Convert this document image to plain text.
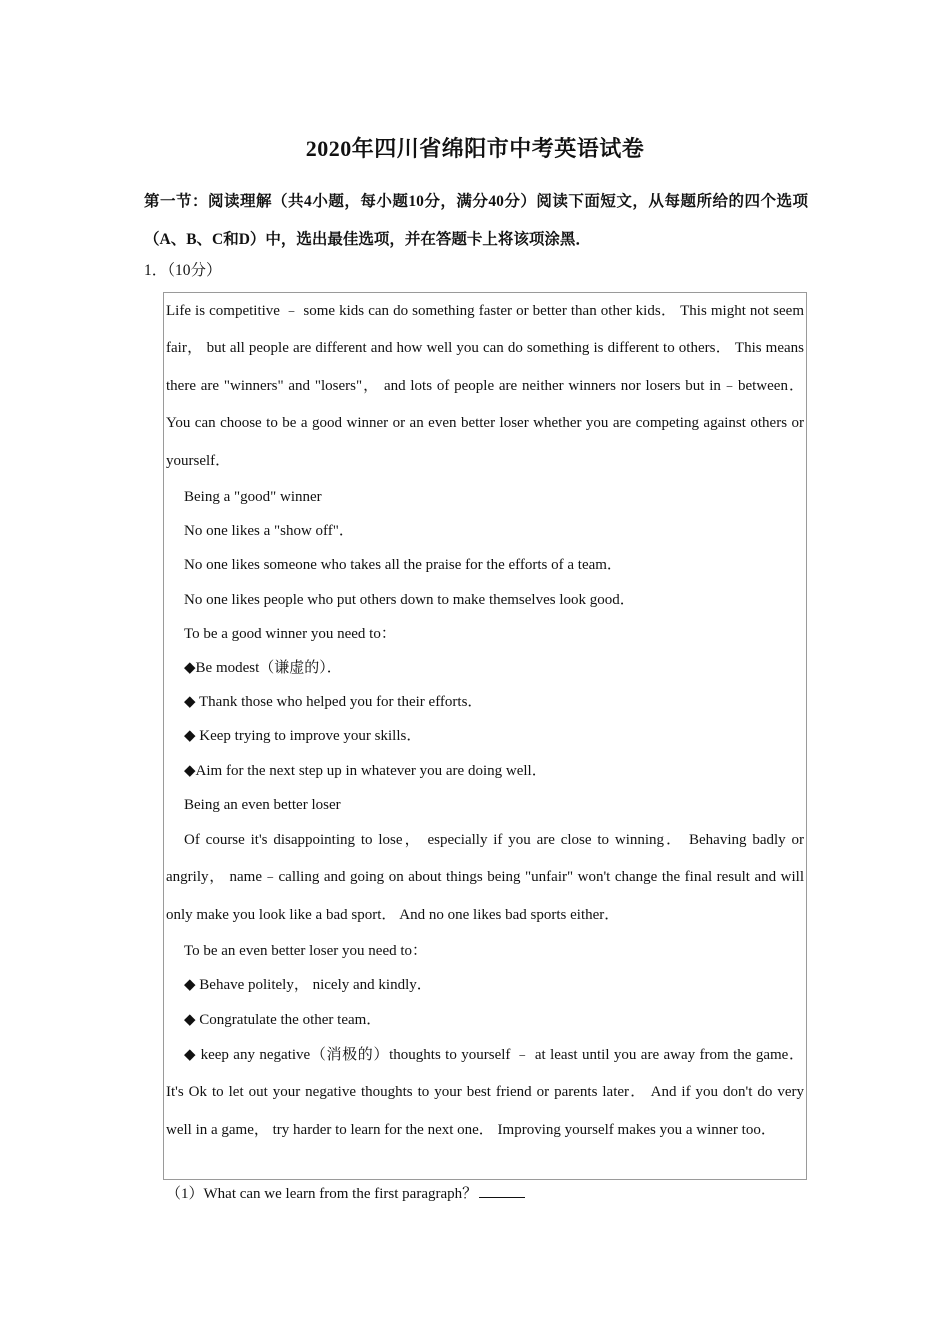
2020年四川省绵阳市中考英语试卷
第一节：阅读理解（共4小题，每小题10分，满分40分）阅读下面短文，从每题所给的四个选项（A、B、C和D）中，选出最佳选项，并在答题卡上将该项涂黑．
1．（10分）

Life is competitive ﹣ some kids can do something faster or better than other kids． This might not seem fair， but all people are different and how well you can do something is different to others． This means there are "winners" and "losers"， and lots of people are neither winners nor losers but in﹣between． You can choose to be a good winner or an even better loser whether you are competing against others or yourself．

Being a "good" winner

No one likes a "show off"．

No one likes someone who takes all the praise for the efforts of a team．

No one likes people who put others down to make themselves look good．

To be a good winner you need to：

◆Be modest（谦虚的）．

◆ Thank those who helped you for their efforts．

◆ Keep trying to improve your skills．

◆Aim for the next step up in whatever you are doing well．

Being an even better loser

Of course it's disappointing to lose， especially if you are close to winning． Behaving badly or angrily， name﹣calling and going on about things being "unfair" won't change the final result and will only make you look like a bad sport． And no one likes bad sports either．

To be an even better loser you need to：

◆ Behave politely， nicely and kindly．

◆ Congratulate the other team．

◆ keep any negative（消极的）thoughts to yourself ﹣ at least until you are away from the game． It's Ok to let out your negative thoughts to your best friend or parents later． And if you don't do very well in a game， try harder to learn for the next one． Improving yourself makes you a winner too．

（1）What can we learn from the first paragraph？
